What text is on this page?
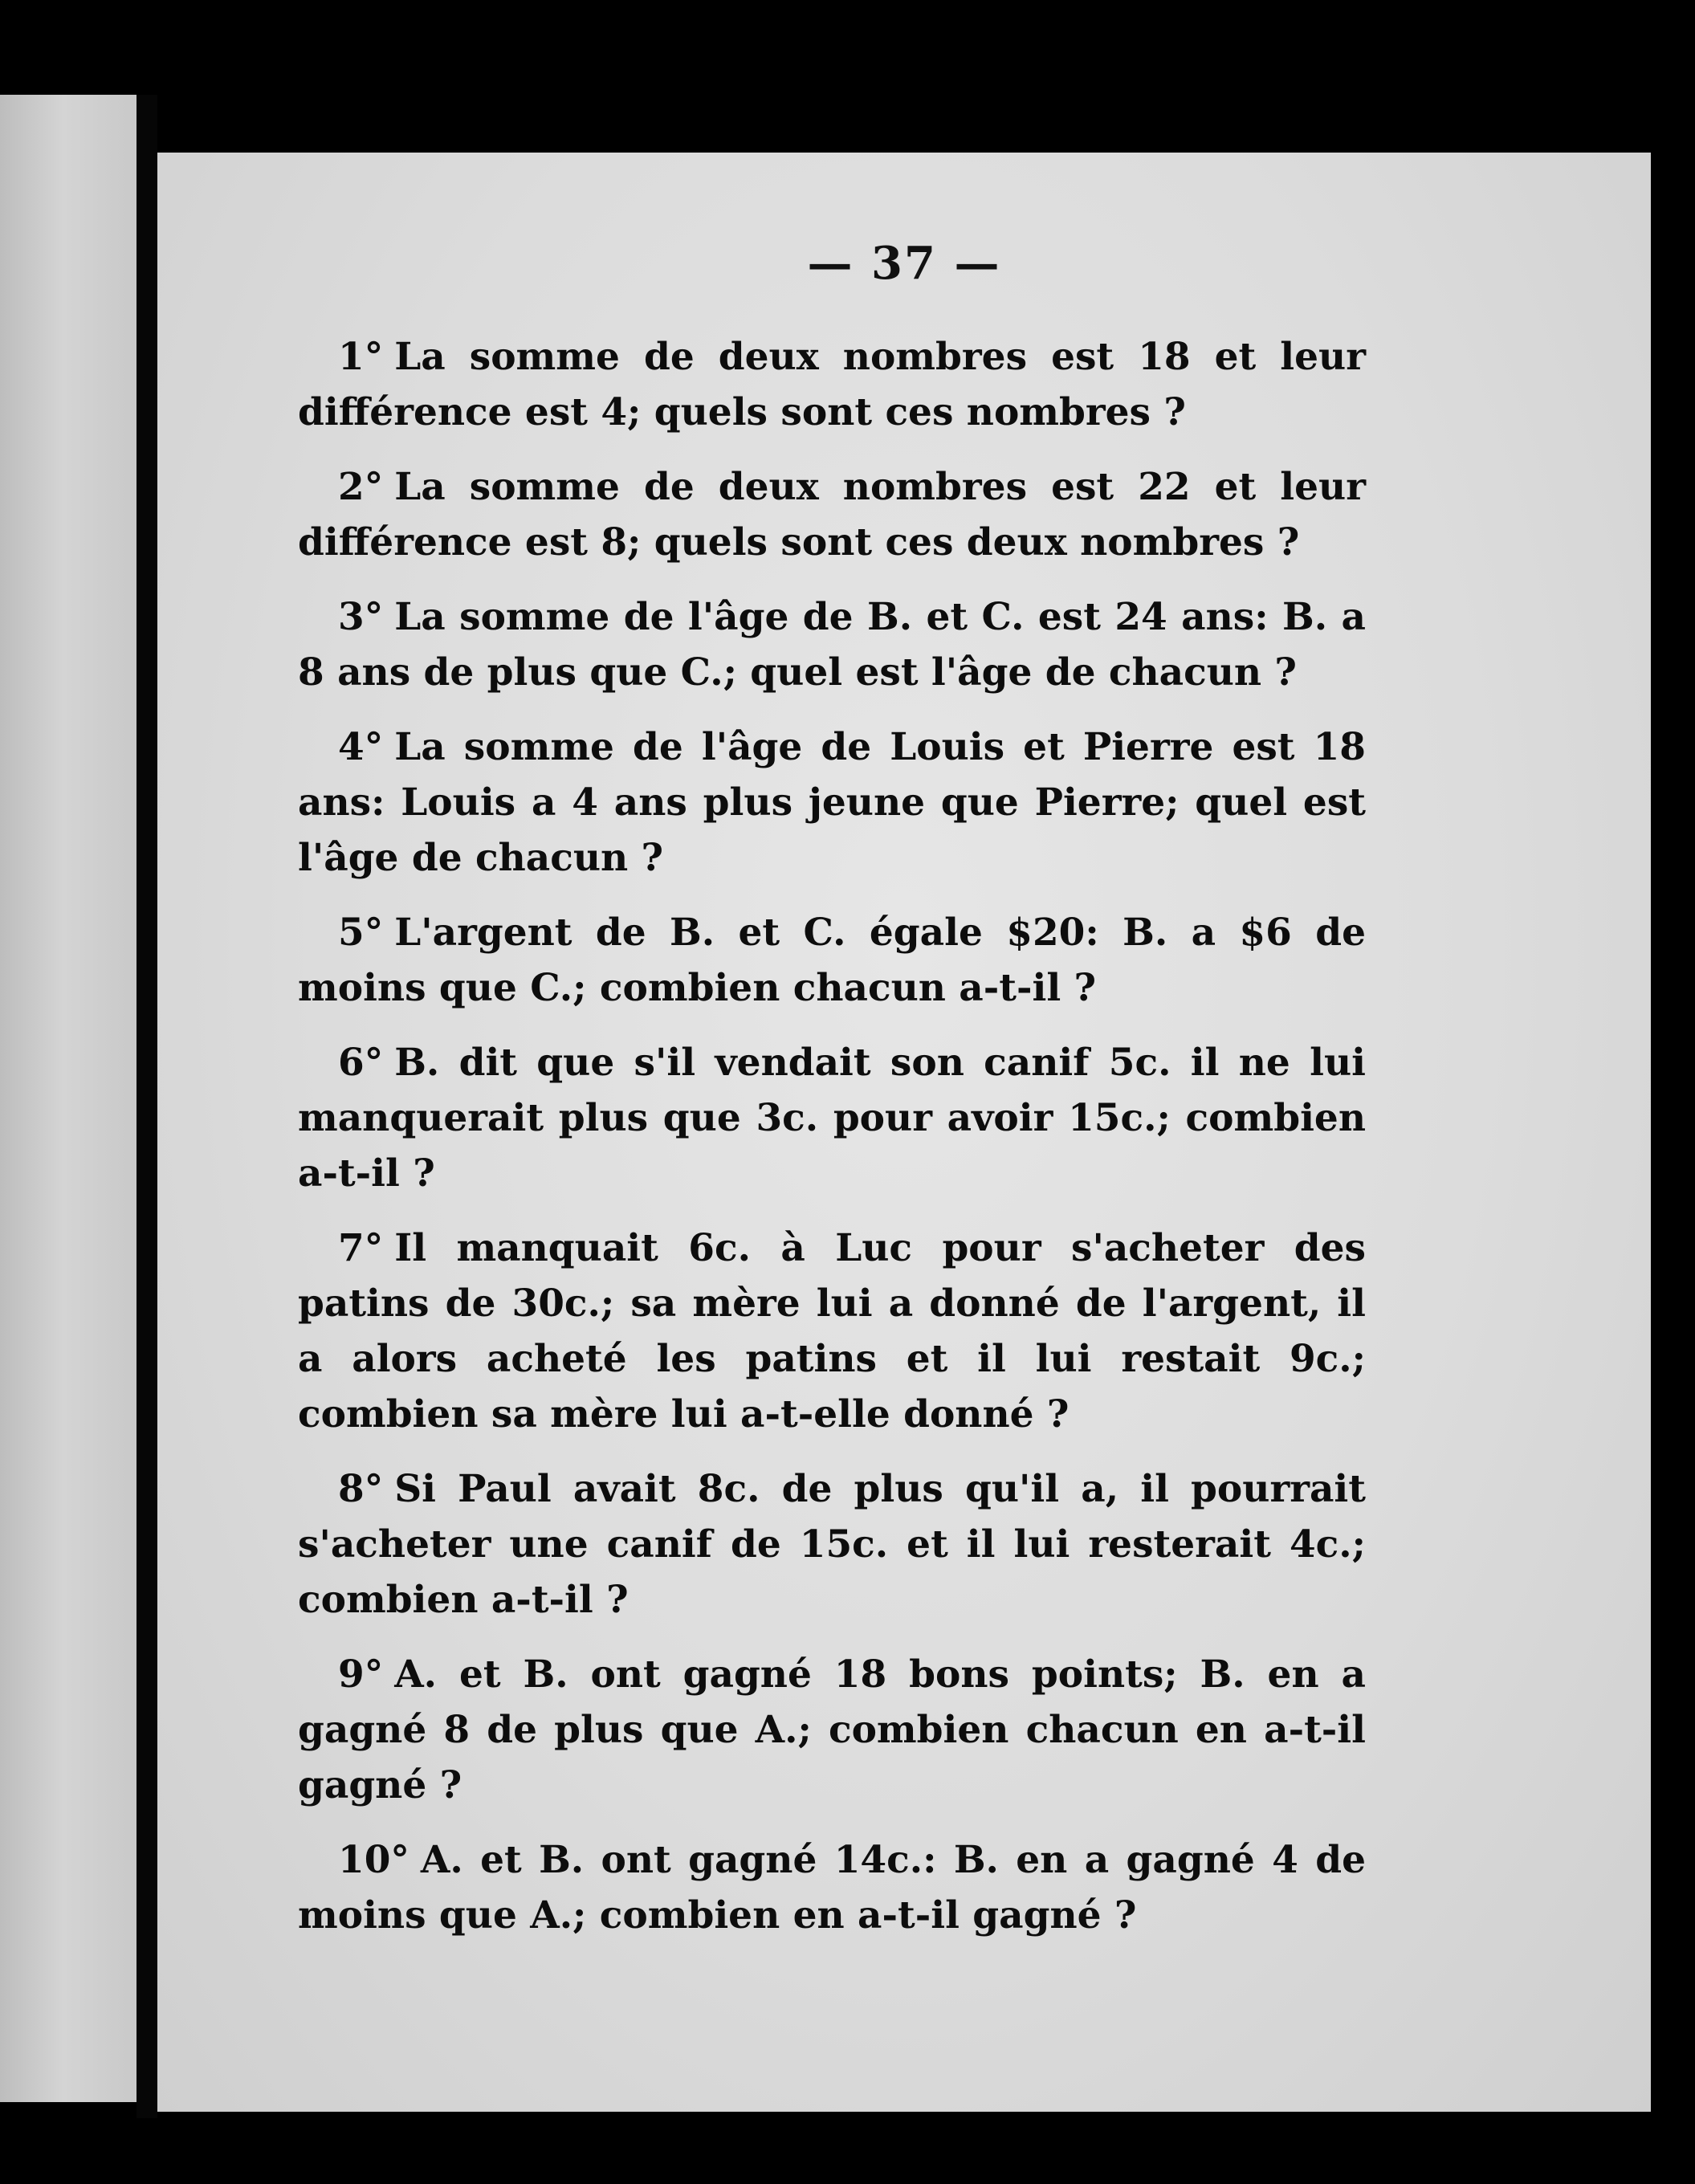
— 37 —

1° La somme de deux nombres est 18 et leur différence est 4; quels sont ces nombres ?

2° La somme de deux nombres est 22 et leur différence est 8; quels sont ces deux nombres ?

3° La somme de l'âge de B. et C. est 24 ans: B. a 8 ans de plus que C.; quel est l'âge de chacun ?

4° La somme de l'âge de Louis et Pierre est 18 ans: Louis a 4 ans plus jeune que Pierre; quel est l'âge de chacun ?

5° L'argent de B. et C. égale $20: B. a $6 de moins que C.; combien chacun a-t-il ?

6° B. dit que s'il vendait son canif 5c. il ne lui manquerait plus que 3c. pour avoir 15c.; combien a-t-il ?

7° Il manquait 6c. à Luc pour s'acheter des patins de 30c.; sa mère lui a donné de l'argent, il a alors acheté les patins et il lui restait 9c.; combien sa mère lui a-t-elle donné ?

8° Si Paul avait 8c. de plus qu'il a, il pourrait s'acheter une canif de 15c. et il lui resterait 4c.; combien a-t-il ?

9° A. et B. ont gagné 18 bons points; B. en a gagné 8 de plus que A.; combien chacun en a-t-il gagné ?

10° A. et B. ont gagné 14c.: B. en a gagné 4 de moins que A.; combien en a-t-il gagné ?
